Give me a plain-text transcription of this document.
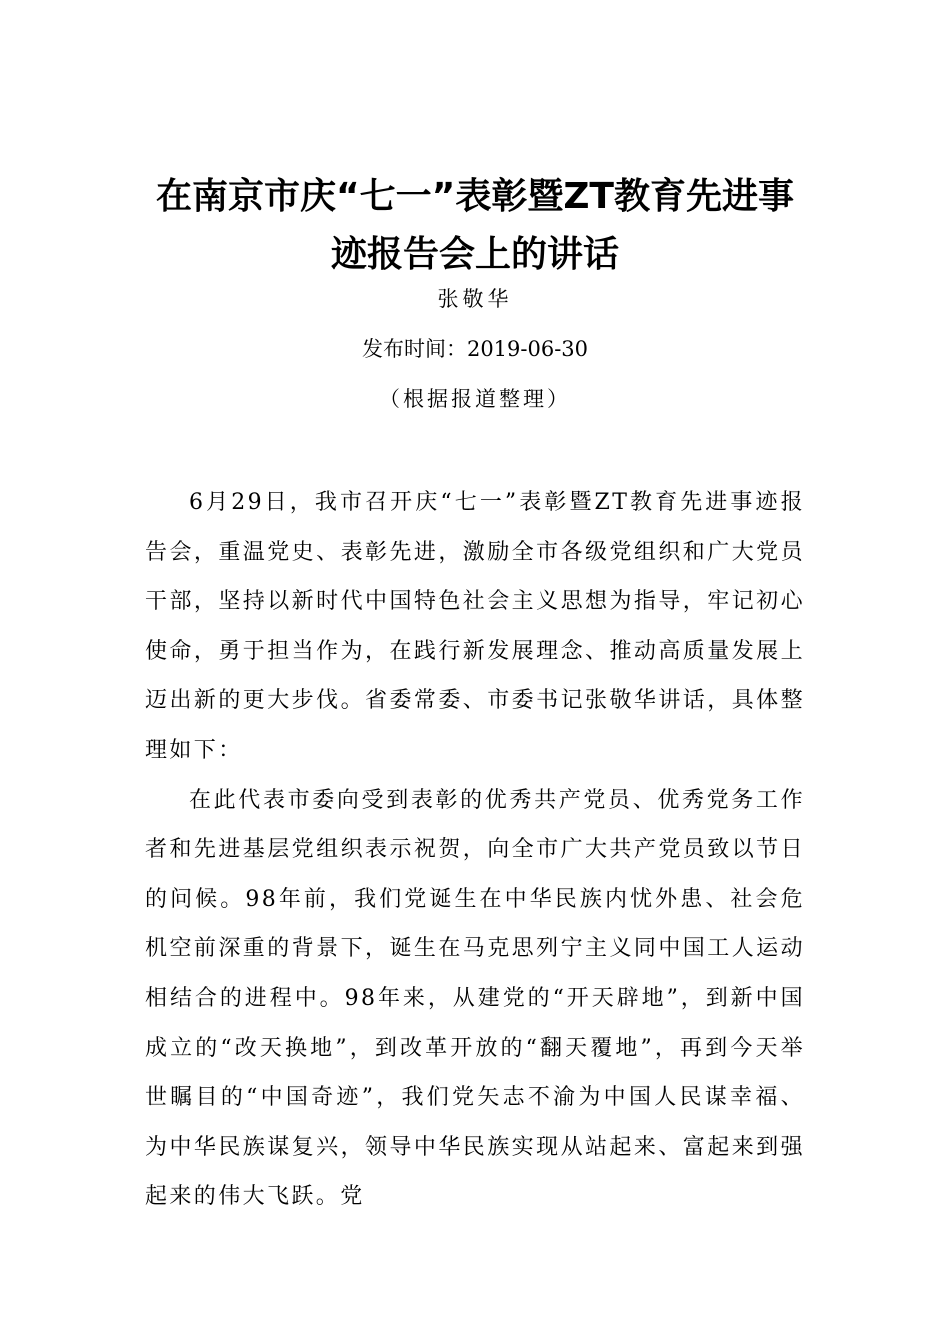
在南京市庆“七一”表彰暨ZT教育先进事迹报告会上的讲话
张敬华
发布时间：2019-06-30
（根据报道整理）

6月29日，我市召开庆“七一”表彰暨ZT教育先进事迹报告会，重温党史、表彰先进，激励全市各级党组织和广大党员干部，坚持以新时代中国特色社会主义思想为指导，牢记初心使命，勇于担当作为，在践行新发展理念、推动高质量发展上迈出新的更大步伐。省委常委、市委书记张敬华讲话，具体整理如下：

在此代表市委向受到表彰的优秀共产党员、优秀党务工作者和先进基层党组织表示祝贺，向全市广大共产党员致以节日的问候。98年前，我们党诞生在中华民族内忧外患、社会危机空前深重的背景下，诞生在马克思列宁主义同中国工人运动相结合的进程中。98年来，从建党的“开天辟地”，到新中国成立的“改天换地”，到改革开放的“翻天覆地”，再到今天举世瞩目的“中国奇迹”，我们党矢志不渝为中国人民谋幸福、为中华民族谋复兴，领导中华民族实现从站起来、富起来到强起来的伟大飞跃。党
